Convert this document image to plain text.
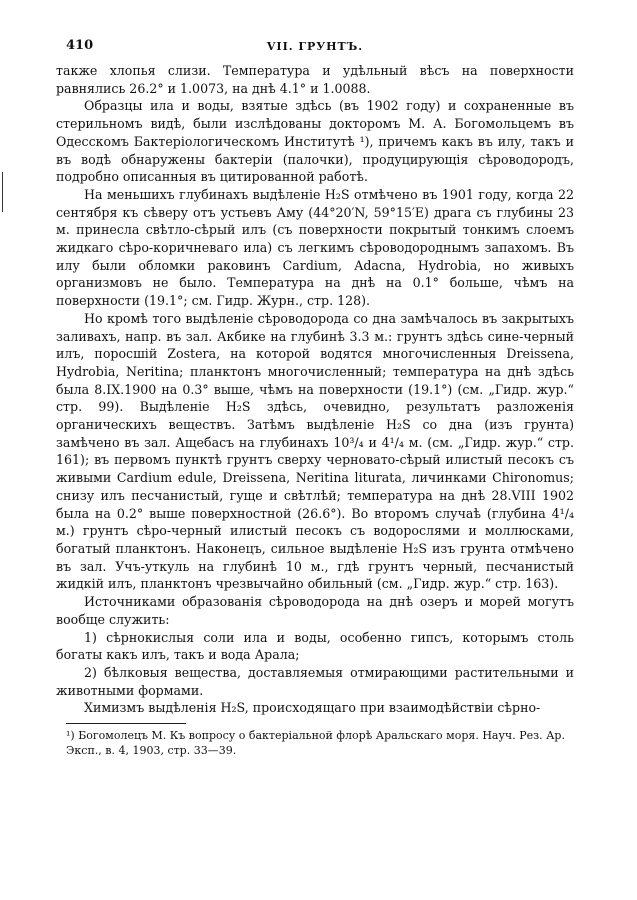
410	VII. ГРУНТЪ.

также хлопья слизи. Температура и удѣльный вѣсъ на поверхности равнялись 26.2° и 1.0073, на днѣ 4.1° и 1.0088.

Образцы ила и воды, взятые здѣсь (въ 1902 году) и сохраненные въ стерильномъ видѣ, были изслѣдованы докторомъ М. А. Богомольцемъ въ Одесскомъ Бактеріологическомъ Институтѣ ¹), причемъ какъ въ илу, такъ и въ водѣ обнаружены бактеріи (палочки), продуцирующія сѣроводородъ, подробно описанныя въ цитированной работѣ.

На меньшихъ глубинахъ выдѣленіе H₂S отмѣчено въ 1901 году, когда 22 сентября къ сѣверу отъ устьевъ Аму (44°20′N, 59°15′E) драга съ глубины 23 м. принесла свѣтло-сѣрый илъ (съ поверхности покрытый тонкимъ слоемъ жидкаго сѣро-коричневаго ила) съ легкимъ сѣроводороднымъ запахомъ. Въ илу были обломки раковинъ Cardium, Adacna, Hydrobia, но живыхъ организмовъ не было. Температура на днѣ на 0.1° больше, чѣмъ на поверхности (19.1°; см. Гидр. Журн., стр. 128).

Но кромѣ того выдѣленіе сѣроводорода со дна замѣчалось въ закрытыхъ заливахъ, напр. въ зал. Акбике на глубинѣ 3.3 м.: грунтъ здѣсь сине-черный илъ, поросшій Zostera, на которой водятся многочисленныя Dreissena, Hydrobia, Neritina; планктонъ многочисленный; температура на днѣ здѣсь была 8.IX.1900 на 0.3° выше, чѣмъ на поверхности (19.1°) (см. „Гидр. жур.“ стр. 99). Выдѣленіе H₂S здѣсь, очевидно, результатъ разложенія органическихъ веществъ. Затѣмъ выдѣленіе H₂S со дна (изъ грунта) замѣчено въ зал. Ащебасъ на глубинахъ 10³/₄ и 4¹/₄ м. (см. „Гидр. жур.“ стр. 161); въ первомъ пунктѣ грунтъ сверху черновато-сѣрый илистый песокъ съ живыми Cardium edule, Dreissena, Neritina liturata, личинками Chironomus; снизу илъ песчанистый, гуще и свѣтлѣй; температура на днѣ 28.VIII 1902 была на 0.2° выше поверхностной (26.6°). Во второмъ случаѣ (глубина 4¹/₄ м.) грунтъ сѣро-черный илистый песокъ съ водорослями и моллюсками, богатый планктонъ. Наконецъ, сильное выдѣленіе H₂S изъ грунта отмѣчено въ зал. Учъ-уткуль на глубинѣ 10 м., гдѣ грунтъ черный, песчанистый жидкій илъ, планктонъ чрезвычайно обильный (см. „Гидр. жур.“ стр. 163).

Источниками образованія сѣроводорода на днѣ озеръ и морей могутъ вообще служить:

1) сѣрнокислыя соли ила и воды, особенно гипсъ, которымъ столь богаты какъ илъ, такъ и вода Арала;

2) бѣлковыя вещества, доставляемыя отмирающими растительными и животными формами.

Химизмъ выдѣленія H₂S, происходящаго при взаимодѣйствіи сѣрно-

¹) Богомолецъ М. Къ вопросу о бактеріальной флорѣ Аральскаго моря. Науч. Рез. Ар. Эксп., в. 4, 1903, стр. 33—39.
